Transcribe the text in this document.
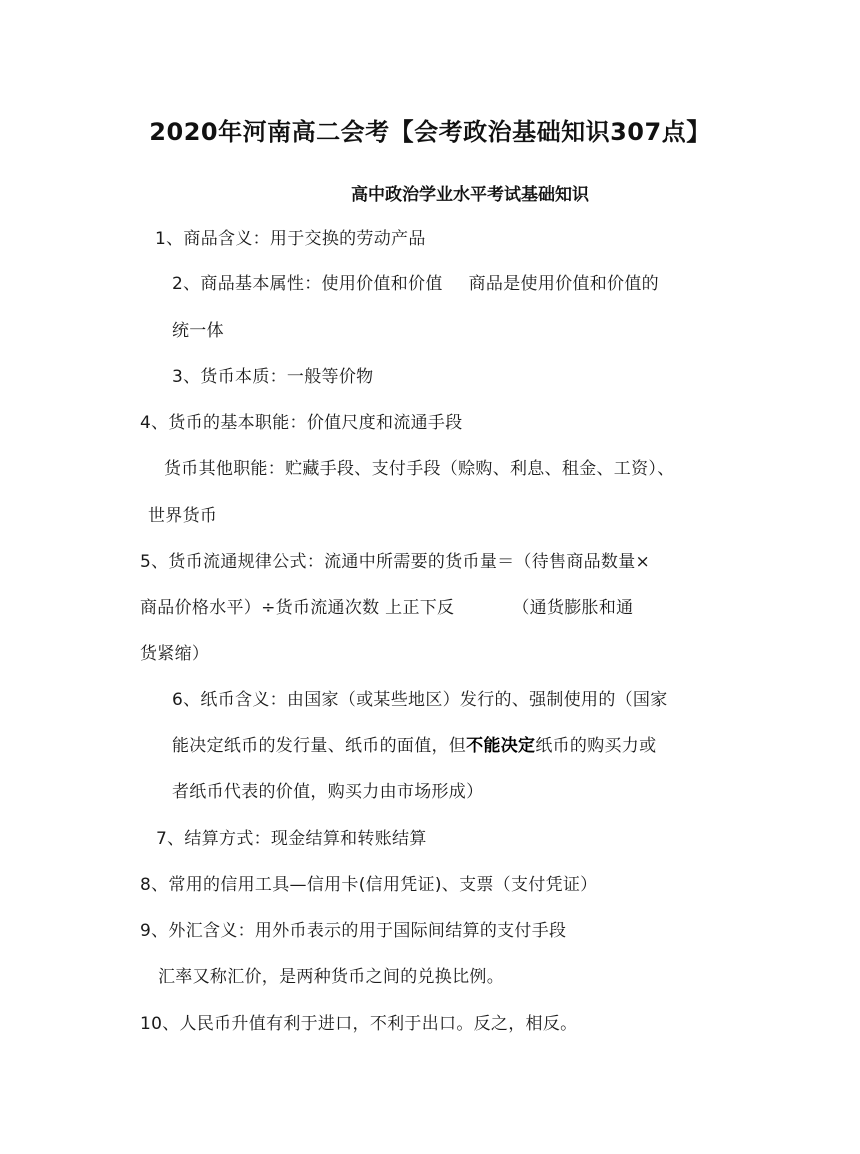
2020年河南高二会考【会考政治基础知识307点】
高中政治学业水平考试基础知识
1、商品含义：用于交换的劳动产品
2、商品基本属性：使用价值和价值 商品是使用价值和价值的
统一体
3、货币本质：一般等价物
4、货币的基本职能：价值尺度和流通手段
货币其他职能：贮藏手段、支付手段（赊购、利息、租金、工资）、
世界货币
5、货币流通规律公式：流通中所需要的货币量＝（待售商品数量×
商品价格水平）÷货币流通次数 上正下反	（通货膨胀和通
货紧缩）
6、纸币含义：由国家（或某些地区）发行的、强制使用的（国家
能决定纸币的发行量、纸币的面值，但不能决定纸币的购买力或
者纸币代表的价值，购买力由市场形成）
7、结算方式：现金结算和转账结算
8、常用的信用工具—信用卡(信用凭证)、支票（支付凭证）
9、外汇含义：用外币表示的用于国际间结算的支付手段
汇率又称汇价，是两种货币之间的兑换比例。
10、人民币升值有利于进口，不利于出口。反之，相反。
